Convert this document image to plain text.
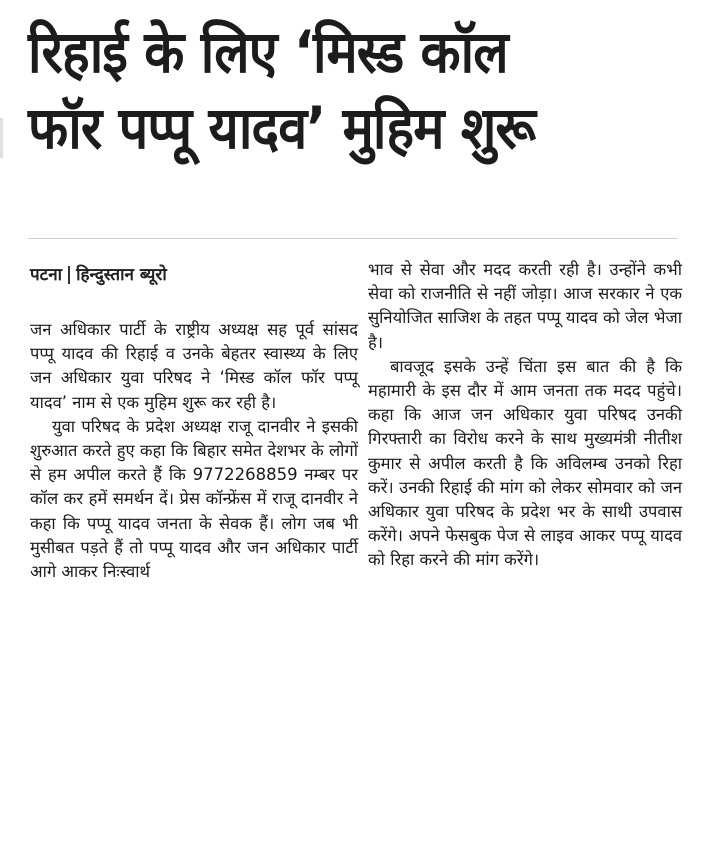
रिहाई के लिए ‘मिस्ड कॉल
फॉर पप्पू यादव’ मुहिम शुरू
पटना हिन्दुस्तान ब्यूरो

जन अधिकार पार्टी के राष्ट्रीय अध्यक्ष सह पूर्व सांसद पप्पू यादव की रिहाई व उनके बेहतर स्वास्थ्य के लिए जन अधिकार युवा परिषद ने ‘मिस्ड कॉल फॉर पप्पू यादव’ नाम से एक मुहिम शुरू कर रही है।

युवा परिषद के प्रदेश अध्यक्ष राजू दानवीर ने इसकी शुरुआत करते हुए कहा कि बिहार समेत देशभर के लोगों से हम अपील करते हैं कि 9772268859 नम्बर पर कॉल कर हमें समर्थन दें। प्रेस कॉन्फ्रेंस में राजू दानवीर ने कहा कि पप्पू यादव जनता के सेवक हैं। लोग जब भी मुसीबत पड़ते हैं तो पप्पू यादव और जन अधिकार पार्टी आगे आकर निःस्वार्थ

भाव से सेवा और मदद करती रही है। उन्होंने कभी सेवा को राजनीति से नहीं जोड़ा। आज सरकार ने एक सुनियोजित साजिश के तहत पप्पू यादव को जेल भेजा है।

बावजूद इसके उन्हें चिंता इस बात की है कि महामारी के इस दौर में आम जनता तक मदद पहुंचे। कहा कि आज जन अधिकार युवा परिषद उनकी गिरफ्तारी का विरोध करने के साथ मुख्यमंत्री नीतीश कुमार से अपील करती है कि अविलम्ब उनको रिहा करें। उनकी रिहाई की मांग को लेकर सोमवार को जन अधिकार युवा परिषद के प्रदेश भर के साथी उपवास करेंगे। अपने फेसबुक पेज से लाइव आकर पप्पू यादव को रिहा करने की मांग करेंगे।
